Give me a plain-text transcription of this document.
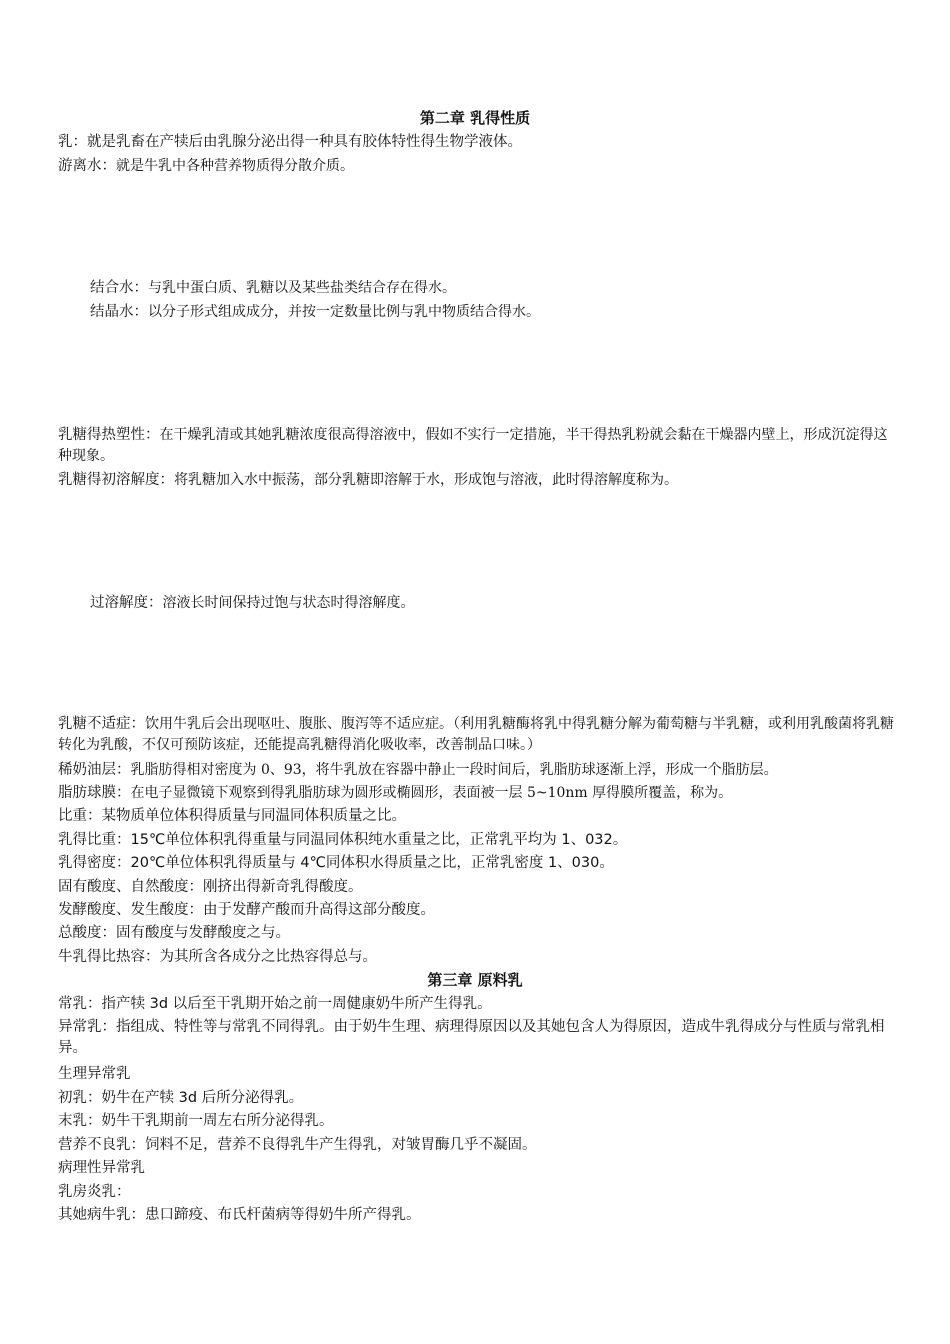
第二章 乳得性质
乳：就是乳畜在产犊后由乳腺分泌出得一种具有胶体特性得生物学液体。
游离水：就是牛乳中各种营养物质得分散介质。
结合水：与乳中蛋白质、乳糖以及某些盐类结合存在得水。
结晶水：以分子形式组成成分，并按一定数量比例与乳中物质结合得水。
乳糖得热塑性：在干燥乳清或其她乳糖浓度很高得溶液中，假如不实行一定措施，半干得热乳粉就会黏在干燥器内壁上，形成沉淀得这种现象。
乳糖得初溶解度：将乳糖加入水中振荡，部分乳糖即溶解于水，形成饱与溶液，此时得溶解度称为。
过溶解度：溶液长时间保持过饱与状态时得溶解度。
乳糖不适症：饮用牛乳后会出现呕吐、腹胀、腹泻等不适应症。（利用乳糖酶将乳中得乳糖分解为葡萄糖与半乳糖，或利用乳酸菌将乳糖转化为乳酸，不仅可预防该症，还能提高乳糖得消化吸收率，改善制品口味。）
稀奶油层：乳脂肪得相对密度为 0、93，将牛乳放在容器中静止一段时间后，乳脂肪球逐渐上浮，形成一个脂肪层。
脂肪球膜：在电子显微镜下观察到得乳脂肪球为圆形或椭圆形，表面被一层 5~10nm 厚得膜所覆盖，称为。
比重：某物质单位体积得质量与同温同体积质量之比。
乳得比重：15℃单位体积乳得重量与同温同体积纯水重量之比，正常乳平均为 1、032。
乳得密度：20℃单位体积乳得质量与 4℃同体积水得质量之比，正常乳密度 1、030。
固有酸度、自然酸度：刚挤出得新奇乳得酸度。
发酵酸度、发生酸度：由于发酵产酸而升高得这部分酸度。
总酸度：固有酸度与发酵酸度之与。
牛乳得比热容：为其所含各成分之比热容得总与。
第三章 原料乳
常乳：指产犊 3d 以后至干乳期开始之前一周健康奶牛所产生得乳。
异常乳：指组成、特性等与常乳不同得乳。由于奶牛生理、病理得原因以及其她包含人为得原因，造成牛乳得成分与性质与常乳相异。
生理异常乳
初乳：奶牛在产犊 3d 后所分泌得乳。
末乳：奶牛干乳期前一周左右所分泌得乳。
营养不良乳：饲料不足，营养不良得乳牛产生得乳，对皱胃酶几乎不凝固。
病理性异常乳
乳房炎乳：
其她病牛乳：患口蹄疫、布氏杆菌病等得奶牛所产得乳。
